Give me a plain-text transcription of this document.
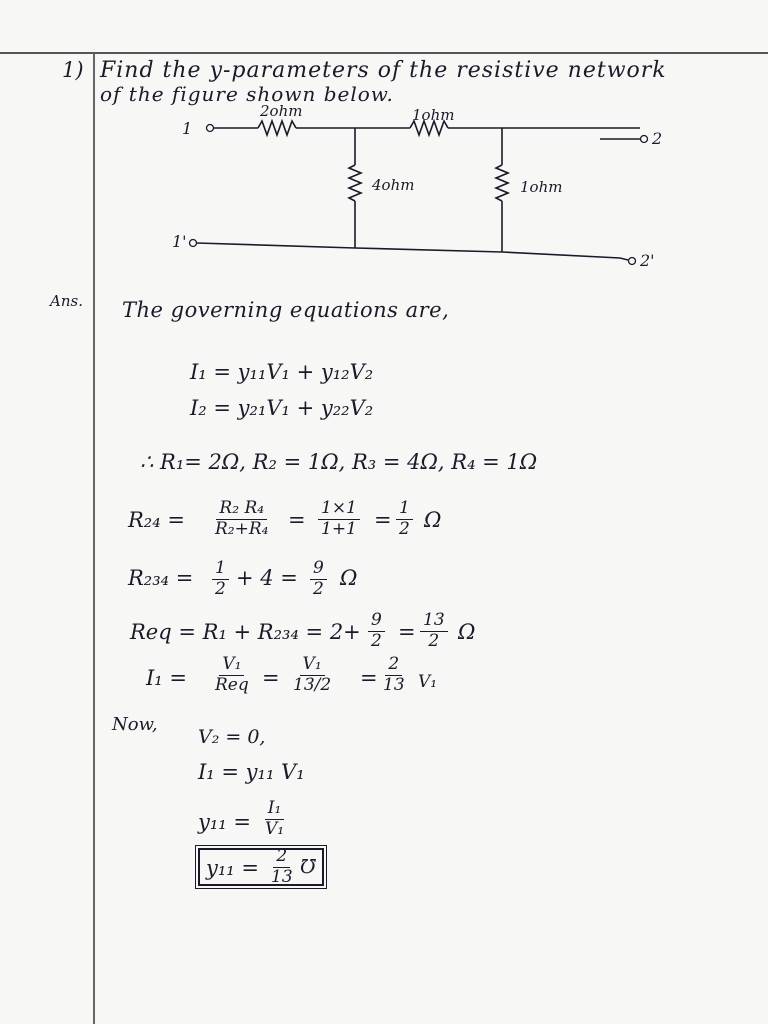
1) Find the y-parameters of the resistive network
of the figure shown below.
2ohm	1ohm
4ohm	1ohm
1
1'
2
2'
Ans. The governing equations are,
I₁ = y₁₁V₁ + y₁₂V₂
I₂ = y₂₁V₁ + y₂₂V₂
∴ R₁= 2Ω, R₂ = 1Ω, R₃ = 4Ω, R₄ = 1Ω
$R_{24} = \frac{\text{R₂ R₄}}{\text{R₂+R₄}} = \frac{1\times 1}{1+1} = \frac{1}{2}$ Ω
$R_{234} = \frac{1}{2} + 4 = \frac{9}{2}$ Ω
Req = $R_1 + R_{234} = 2+ \frac{9}{2} = \frac{13}{2}$ Ω
I₁ =
V₁
Req = $\frac{\text{V₁}}{13/2} = \frac{2}{13} V_1$
Now,
V₂ = 0,
I₁ = y₁₁ V₁
$y_{11} = \frac{\text{I₁}}{\text{V₁}}$
$y_{11} = \frac{2}{13}$ ℧
